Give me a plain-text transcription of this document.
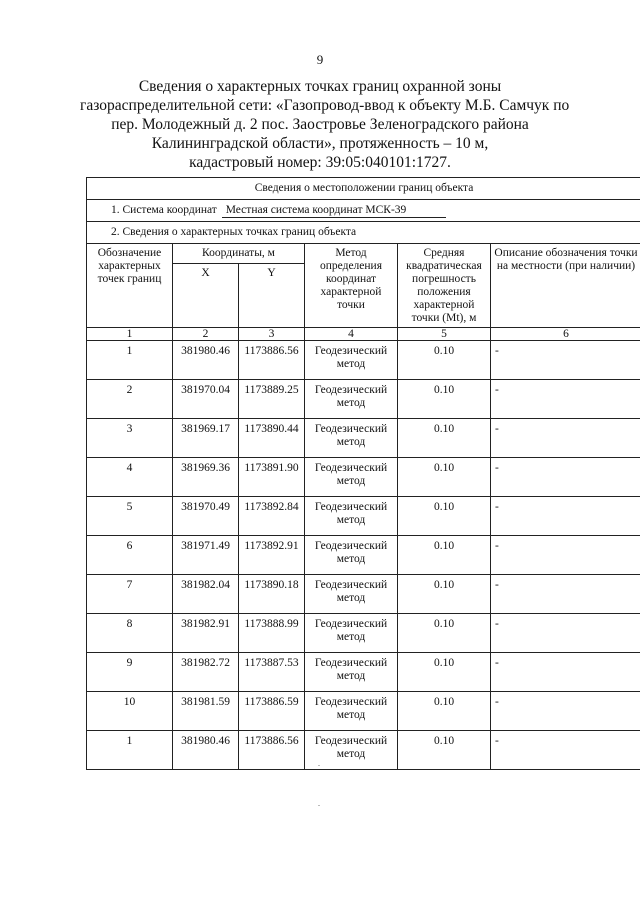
9
Сведения о характерных точках границ охранной зоны
газораспределительной сети: «Газопровод-ввод к объекту М.Б. Самчук по
пер. Молодежный д. 2 пос. Заостровье Зеленоградского района
Калининградской области», протяженность – 10 м,
кадастровый номер: 39:05:040101:1727.
Сведения о местоположении границ объекта					
1. Система координат Местная система координат МСК-39					
2. Сведения о характерных точках границ объекта					
Обозначение характерных точек границ	Координаты, м		Метод определения координат характерной точки	Средняя квадратическая погрешность положения характерной точки (Mt), м	Описание обозначения точки на местности (при наличии)
	X	Y			
1	2	3	4	5	6
1	381980.46	1173886.56	Геодезический метод	0.10	-
2	381970.04	1173889.25	Геодезический метод	0.10	-
3	381969.17	1173890.44	Геодезический метод	0.10	-
4	381969.36	1173891.90	Геодезический метод	0.10	-
5	381970.49	1173892.84	Геодезический метод	0.10	-
6	381971.49	1173892.91	Геодезический метод	0.10	-
7	381982.04	1173890.18	Геодезический метод	0.10	-
8	381982.91	1173888.99	Геодезический метод	0.10	-
9	381982.72	1173887.53	Геодезический метод	0.10	-
10	381981.59	1173886.59	Геодезический метод	0.10	-
1	381980.46	1173886.56	Геодезический метод	0.10	-
